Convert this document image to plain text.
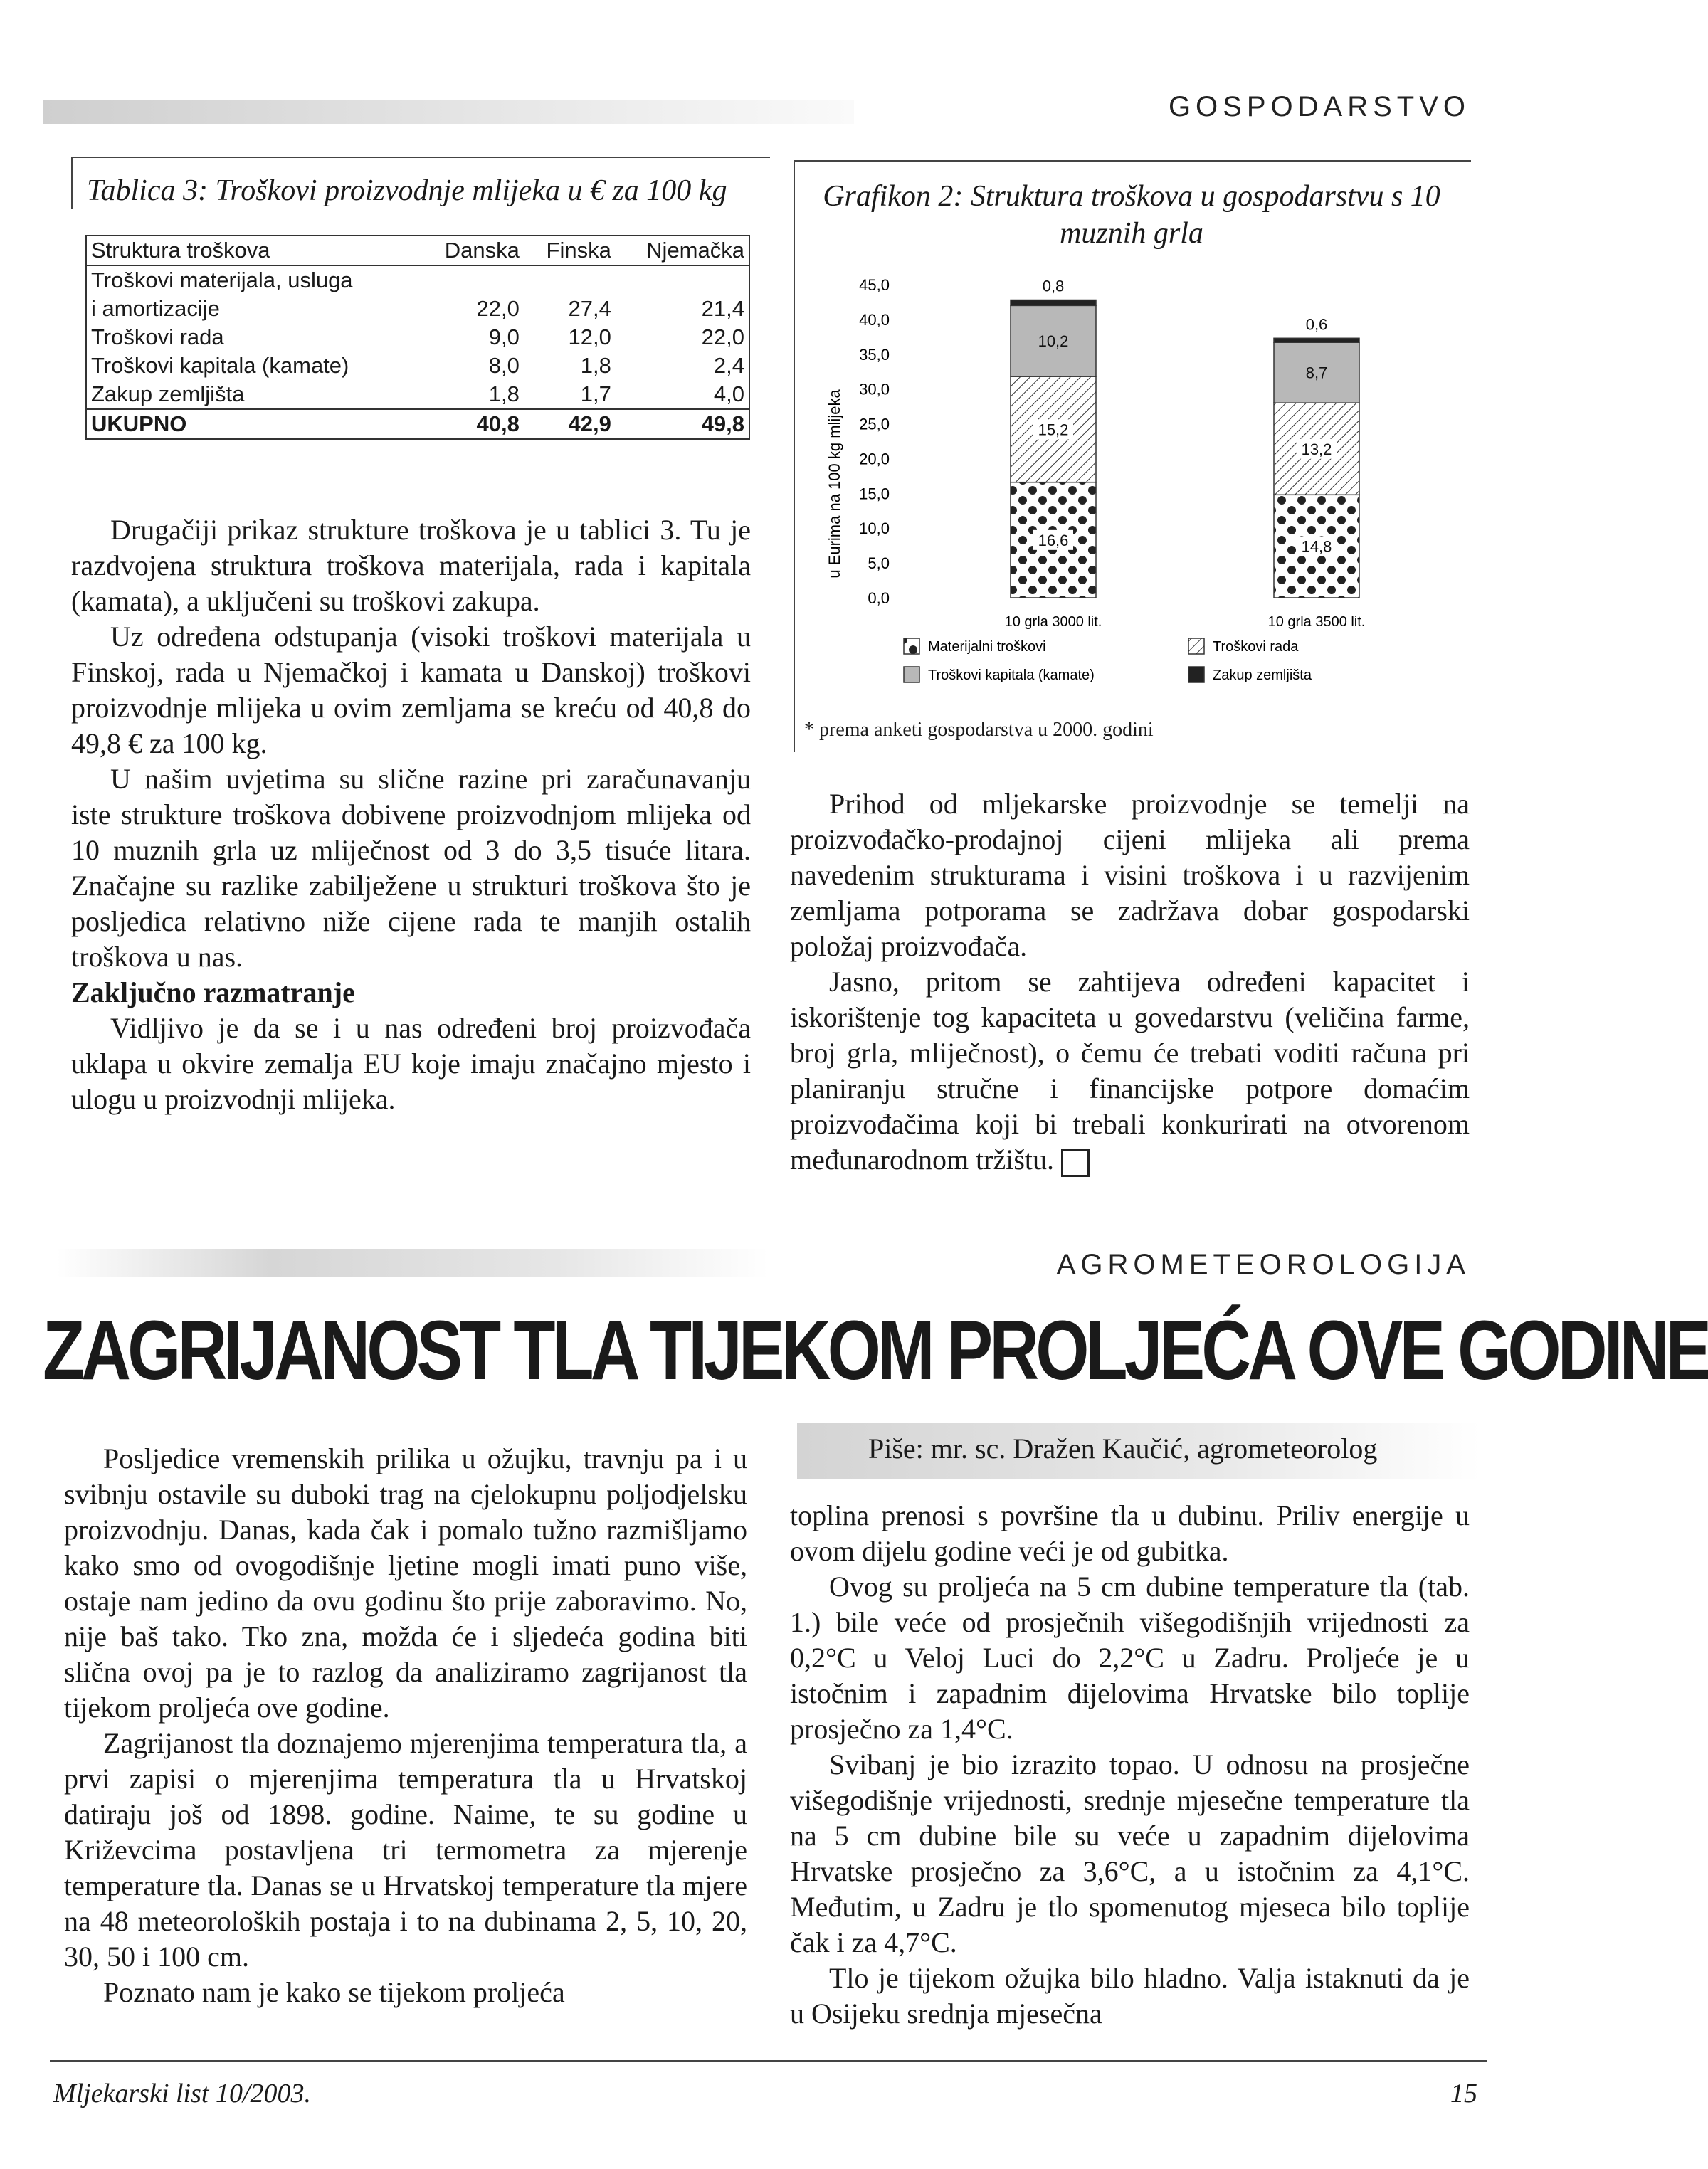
GOSPODARSTVO
Tablica 3: Troškovi proizvodnje mlijeka u € za 100 kg
Struktura troškova	Danska	Finska	Njemačka
Troškovi materijala, usluga			
i amortizacije	22,0	27,4	21,4
Troškovi rada	9,0	12,0	22,0
Troškovi kapitala (kamate)	8,0	1,8	2,4
Zakup zemljišta	1,8	1,7	4,0
UKUPNO	40,8	42,9	49,8

Drugačiji prikaz strukture troškova je u tablici 3. Tu je razdvojena struktura troškova materijala, rada i kapitala (kamata), a uključeni su troškovi zakupa.

Uz određena odstupanja (visoki troškovi materijala u Finskoj, rada u Njemačkoj i kamata u Danskoj) troškovi proizvodnje mlijeka u ovim zemljama se kreću od 40,8 do 49,8 € za 100 kg.

U našim uvjetima su slične razine pri zaračunavanju iste strukture troškova dobivene proizvodnjom mlijeka od 10 muznih grla uz mliječnost od 3 do 3,5 tisuće litara. Značajne su razlike zabilježene u strukturi troškova što je posljedica relativno niže cijene rada te manjih ostalih troškova u nas.

Zaključno razmatranje

Vidljivo je da se i u nas određeni broj proizvođača uklapa u okvire zemalja EU koje imaju značajno mjesto i ulogu u proizvodnji mlijeka.

Grafikon 2: Struktura troškova u gospodarstvu s 10 muznih grla
u Eurima na 100 kg mlijeka
45,0
40,0
35,0
30,0
25,0
20,0
15,0
10,0
5,0
0,0
16,6
15,2
10,2
0,8
14,8
13,2
8,7
0,6
10 grla 3000 lit.	10 grla 3500 lit.
Materijalni troškovi	Troškovi rada
Troškovi kapitala (kamate)	Zakup zemljišta
* prema anketi gospodarstva u 2000. godini

Prihod od mljekarske proizvodnje se temelji na proizvođačko-prodajnoj cijeni mlijeka ali prema navedenim strukturama i visini troškova i u razvijenim zemljama potporama se zadržava dobar gospodarski položaj proizvođača.

Jasno, pritom se zahtijeva određeni kapacitet i iskorištenje tog kapaciteta u govedarstvu (veličina farme, broj grla, mliječnost), o čemu će trebati voditi računa pri planiranju stručne i financijske potpore domaćim proizvođačima koji bi trebali konkurirati na otvorenom međunarodnom tržištu.

AGROMETEOROLOGIJA
ZAGRIJANOST TLA TIJEKOM PROLJEĆA OVE GODINE

Posljedice vremenskih prilika u ožujku, travnju pa i u svibnju ostavile su duboki trag na cjelokupnu poljodjelsku proizvodnju. Danas, kada čak i pomalo tužno razmišljamo kako smo od ovogodišnje ljetine mogli imati puno više, ostaje nam jedino da ovu godinu što prije zaboravimo. No, nije baš tako. Tko zna, možda će i sljedeća godina biti slična ovoj pa je to razlog da analiziramo zagrijanost tla tijekom proljeća ove godine.

Zagrijanost tla doznajemo mjerenjima temperatura tla, a prvi zapisi o mjerenjima temperatura tla u Hrvatskoj datiraju još od 1898. godine. Naime, te su godine u Križevcima postavljena tri termometra za mjerenje temperature tla. Danas se u Hrvatskoj temperature tla mjere na 48 meteoroloških postaja i to na dubinama 2, 5, 10, 20, 30, 50 i 100 cm.

Poznato nam je kako se tijekom proljeća

Piše: mr. sc. Dražen Kaučić, agrometeorolog

toplina prenosi s površine tla u dubinu. Priliv energije u ovom dijelu godine veći je od gubitka.

Ovog su proljeća na 5 cm dubine temperature tla (tab. 1.) bile veće od prosječnih višegodišnjih vrijednosti za 0,2°C u Veloj Luci do 2,2°C u Zadru. Proljeće je u istočnim i zapadnim dijelovima Hrvatske bilo toplije prosječno za 1,4°C.

Svibanj je bio izrazito topao. U odnosu na prosječne višegodišnje vrijednosti, srednje mjesečne temperature tla na 5 cm dubine bile su veće u zapadnim dijelovima Hrvatske prosječno za 3,6°C, a u istočnim za 4,1°C. Međutim, u Zadru je tlo spomenutog mjeseca bilo toplije čak i za 4,7°C.

Tlo je tijekom ožujka bilo hladno. Valja istaknuti da je u Osijeku srednja mjesečna

Mljekarski list 10/2003.	15
